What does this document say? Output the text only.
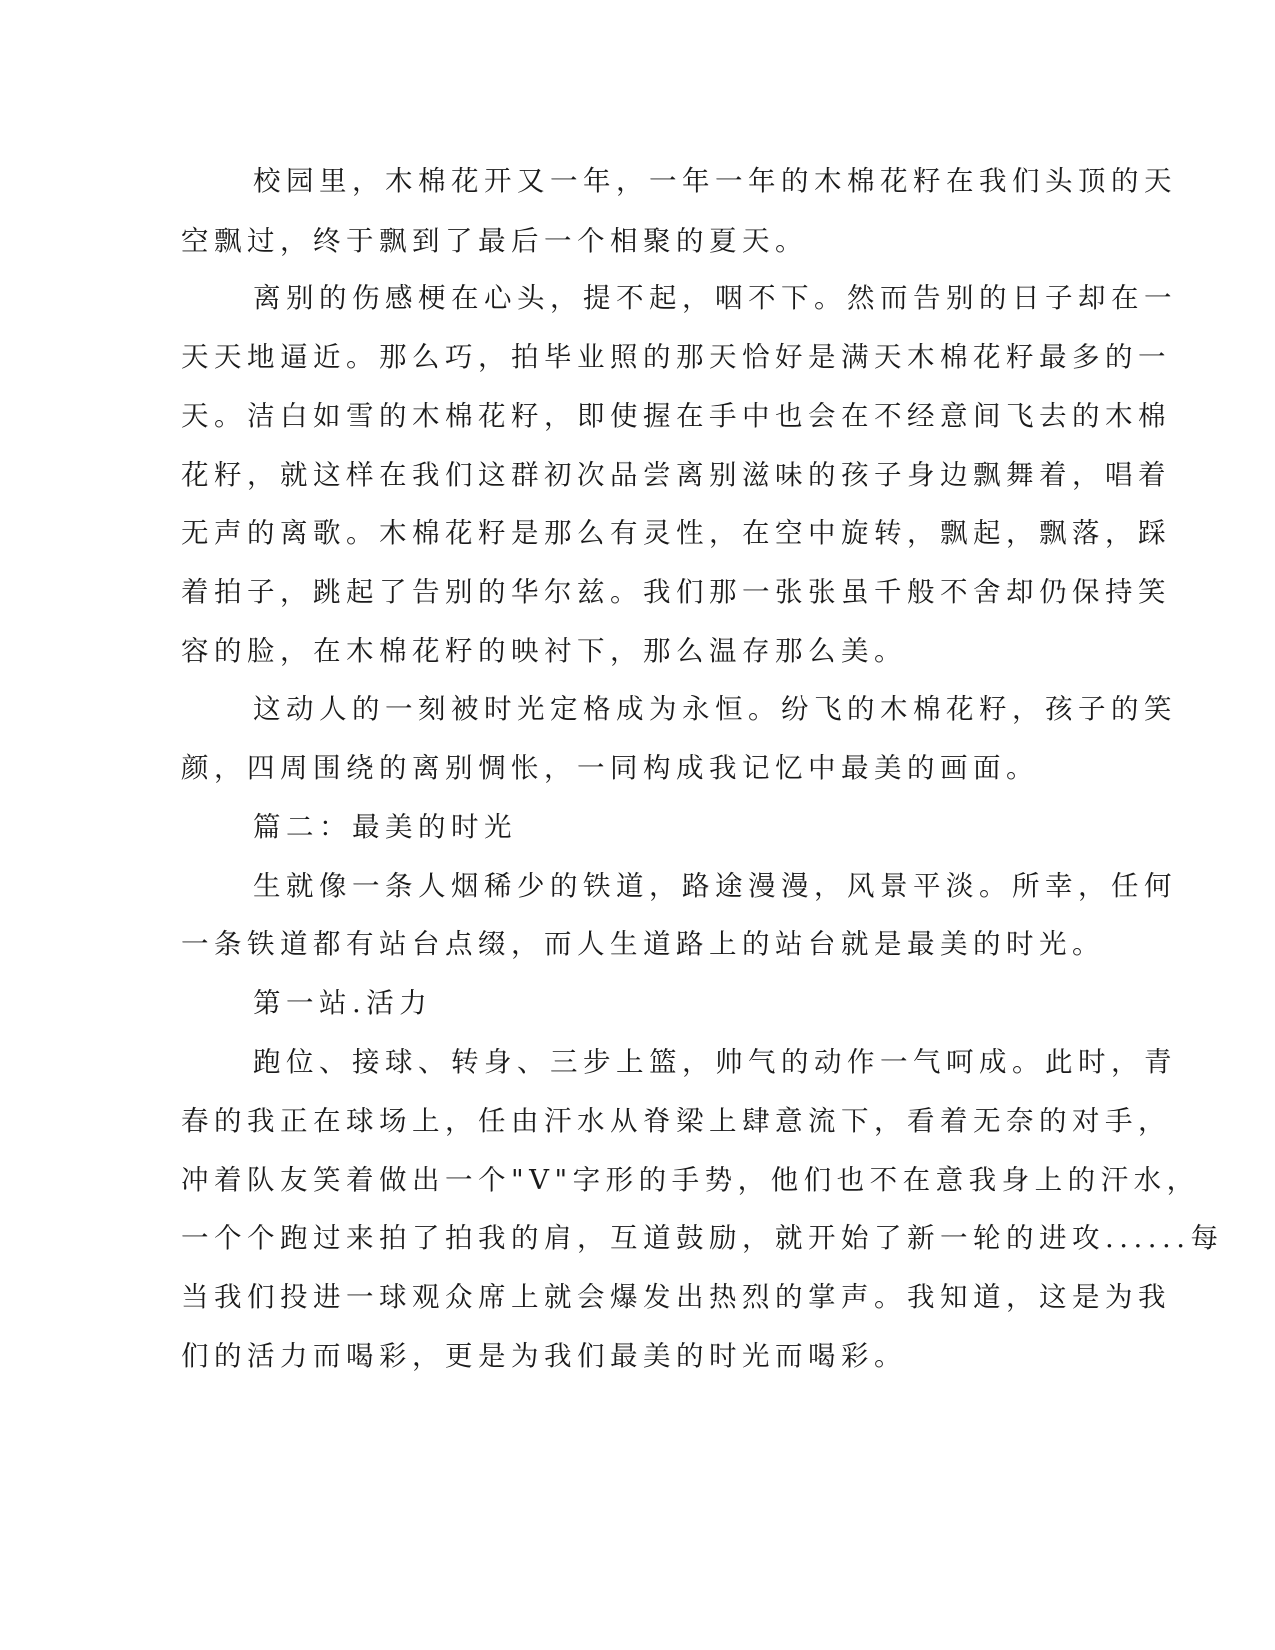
校园里，木棉花开又一年，一年一年的木棉花籽在我们头顶的天
空飘过，终于飘到了最后一个相聚的夏天。
离别的伤感梗在心头，提不起，咽不下。然而告别的日子却在一
天天地逼近。那么巧，拍毕业照的那天恰好是满天木棉花籽最多的一
天。洁白如雪的木棉花籽，即使握在手中也会在不经意间飞去的木棉
花籽，就这样在我们这群初次品尝离别滋味的孩子身边飘舞着，唱着
无声的离歌。木棉花籽是那么有灵性，在空中旋转，飘起，飘落，踩
着拍子，跳起了告别的华尔兹。我们那一张张虽千般不舍却仍保持笑
容的脸，在木棉花籽的映衬下，那么温存那么美。
这动人的一刻被时光定格成为永恒。纷飞的木棉花籽，孩子的笑
颜，四周围绕的离别惆怅，一同构成我记忆中最美的画面。
篇二：最美的时光
生就像一条人烟稀少的铁道，路途漫漫，风景平淡。所幸，任何
一条铁道都有站台点缀，而人生道路上的站台就是最美的时光。
第一站.活力
跑位、接球、转身、三步上篮，帅气的动作一气呵成。此时，青
春的我正在球场上，任由汗水从脊梁上肆意流下，看着无奈的对手，
冲着队友笑着做出一个"V"字形的手势，他们也不在意我身上的汗水，
一个个跑过来拍了拍我的肩，互道鼓励，就开始了新一轮的进攻......每
当我们投进一球观众席上就会爆发出热烈的掌声。我知道，这是为我
们的活力而喝彩，更是为我们最美的时光而喝彩。
